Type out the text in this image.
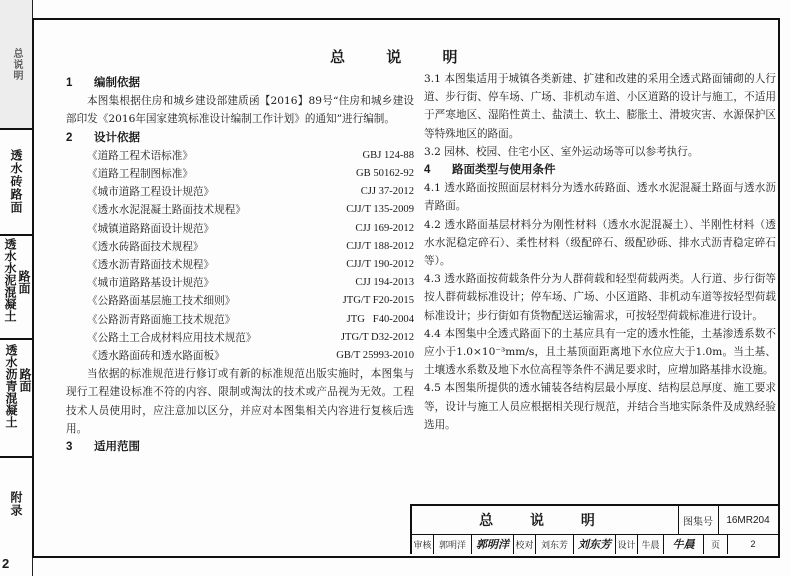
总说明
透水砖路面
透水水泥混凝土 路面
透水沥青混凝土 路面
附录
2
总 说 明
1 编制依据

本图集根据住房和城乡建设部建质函【2016】89号“住房和城乡建设部印发《2016年国家建筑标准设计编制工作计划》的通知”进行编制。

2 设计依据
《道路工程术语标准》	GBJ 124-88
《道路工程制图标准》	GB 50162-92
《城市道路工程设计规范》	CJJ 37-2012
《透水水泥混凝土路面技术规程》	CJJ/T 135-2009
《城镇道路路面设计规范》	CJJ 169-2012
《透水砖路面技术规程》	CJJ/T 188-2012
《透水沥青路面技术规程》	CJJ/T 190-2012
《城市道路路基设计规范》	CJJ 194-2013
《公路路面基层施工技术细则》	JTG/T F20-2015
《公路沥青路面施工技术规范》	JTG   F40-2004
《公路土工合成材料应用技术规范》	JTG/T D32-2012
《透水路面砖和透水路面板》	GB/T 25993-2010

当依据的标准规范进行修订或有新的标准规范出版实施时，本图集与现行工程建设标准不符的内容、限制或淘汰的技术或产品视为无效。工程技术人员使用时，应注意加以区分，并应对本图集相关内容进行复核后选用。

3 适用范围

3.1 本图集适用于城镇各类新建、扩建和改建的采用全透式路面铺砌的人行道、步行街、停车场、广场、非机动车道、小区道路的设计与施工，不适用于严寒地区、湿陷性黄土、盐渍土、软土、膨胀土、滑坡灾害、水源保护区等特殊地区的路面。

3.2 园林、校园、住宅小区、室外运动场等可以参考执行。

4 路面类型与使用条件

4.1 透水路面按照面层材料分为透水砖路面、透水水泥混凝土路面与透水沥青路面。

4.2 透水路面基层材料分为刚性材料（透水水泥混凝土）、半刚性材料（透水水泥稳定碎石）、柔性材料（级配碎石、级配砂砾、排水式沥青稳定碎石等）。

4.3 透水路面按荷载条件分为人群荷载和轻型荷载两类。人行道、步行街等按人群荷载标准设计；停车场、广场、小区道路、非机动车道等按轻型荷载标准设计；步行街如有货物配送运输需求，可按轻型荷载标准进行设计。

4.4 本图集中全透式路面下的土基应具有一定的透水性能，土基渗透系数不应小于1.0×10⁻³mm/s，且土基顶面距离地下水位应大于1.0m。当土基、土壤透水系数及地下水位高程等条件不满足要求时，应增加路基排水设施。

4.5 本图集所提供的透水铺装各结构层最小厚度、结构层总厚度、施工要求等，设计与施工人员应根据相关现行规范，并结合当地实际条件及成熟经验选用。

总 说 明	图集号	16MR204
审核 郭明洋 郭明洋 校对 刘东芳 刘东芳 设计 牛晨	牛晨	页	2
